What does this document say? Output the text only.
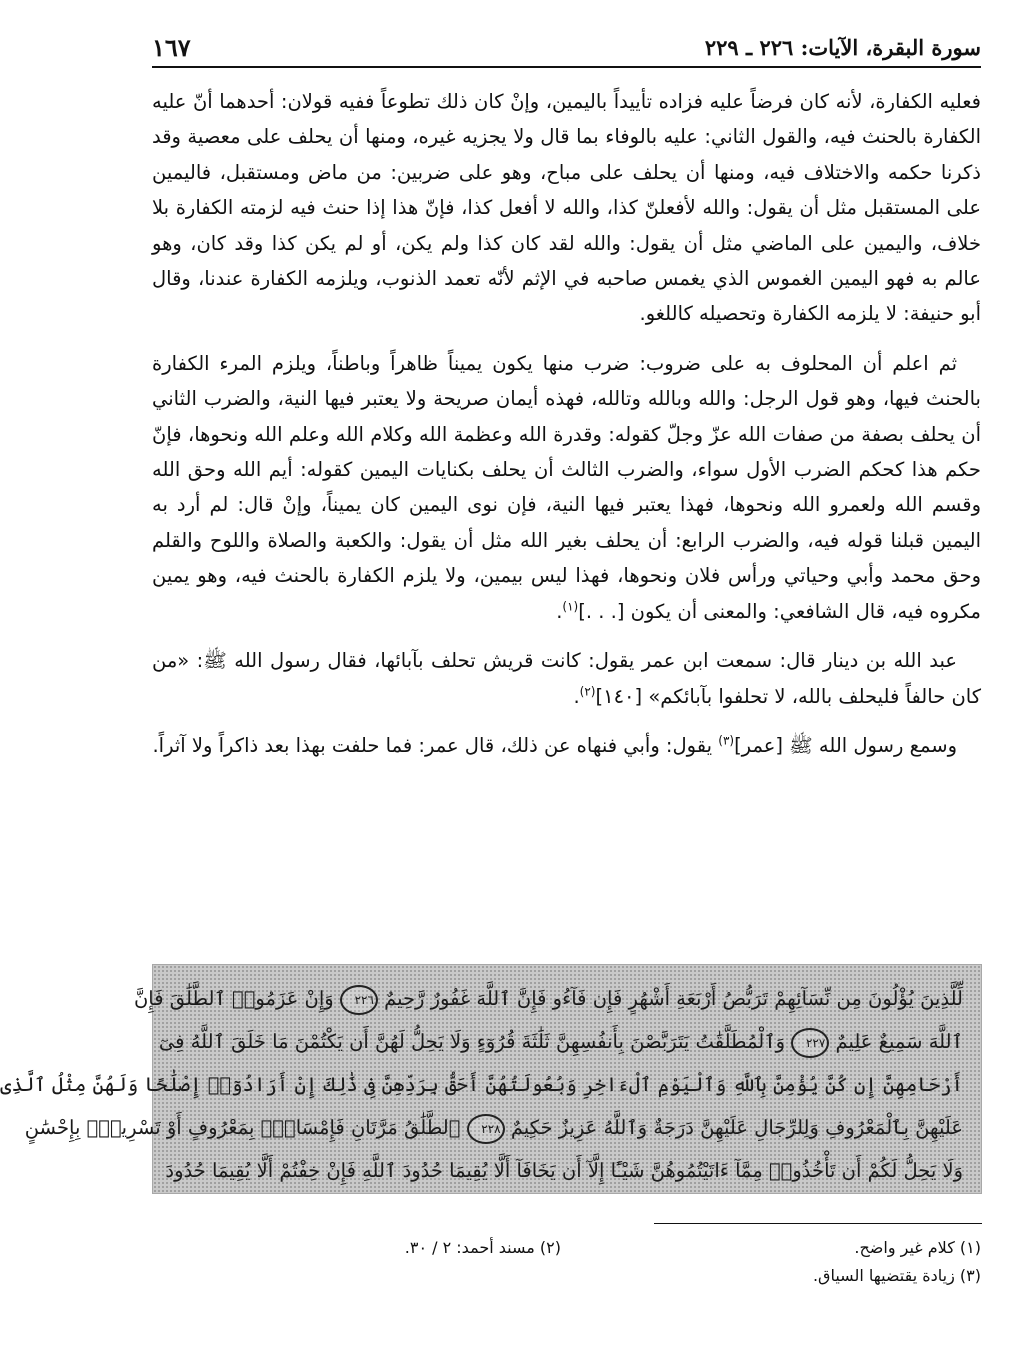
سورة البقرة، الآيات: ٢٢٦ ـ ٢٢٩
١٦٧

فعليه الكفارة، لأنه كان فرضاً عليه فزاده تأييداً باليمين، وإنْ كان ذلك تطوعاً ففيه قولان: أحدهما أنّ عليه الكفارة بالحنث فيه، والقول الثاني: عليه بالوفاء بما قال ولا يجزيه غيره، ومنها أن يحلف على معصية وقد ذكرنا حكمه والاختلاف فيه، ومنها أن يحلف على مباح، وهو على ضربين: من ماض ومستقبل، فاليمين على المستقبل مثل أن يقول: والله لأفعلنّ كذا، والله لا أفعل كذا، فإنّ هذا إذا حنث فيه لزمته الكفارة بلا خلاف، واليمين على الماضي مثل أن يقول: والله لقد كان كذا ولم يكن، أو لم يكن كذا وقد كان، وهو عالم به فهو اليمين الغموس الذي يغمس صاحبه في الإثم لأنّه تعمد الذنوب، ويلزمه الكفارة عندنا، وقال أبو حنيفة: لا يلزمه الكفارة وتحصيله كاللغو.

ثم اعلم أن المحلوف به على ضروب: ضرب منها يكون يميناً ظاهراً وباطناً، ويلزم المرء الكفارة بالحنث فيها، وهو قول الرجل: والله وبالله وتالله، فهذه أيمان صريحة ولا يعتبر فيها النية، والضرب الثاني أن يحلف بصفة من صفات الله عزّ وجلّ كقوله: وقدرة الله وعظمة الله وكلام الله وعلم الله ونحوها، فإنّ حكم هذا كحكم الضرب الأول سواء، والضرب الثالث أن يحلف بكنايات اليمين كقوله: أيم الله وحق الله وقسم الله ولعمرو الله ونحوها، فهذا يعتبر فيها النية، فإن نوى اليمين كان يميناً، وإنْ قال: لم أرد به اليمين قبلنا قوله فيه، والضرب الرابع: أن يحلف بغير الله مثل أن يقول: والكعبة والصلاة واللوح والقلم وحق محمد وأبي وحياتي ورأس فلان ونحوها، فهذا ليس بيمين، ولا يلزم الكفارة بالحنث فيه، وهو يمين مكروه فيه، قال الشافعي: والمعنى أن يكون [. . .]$^{(١)}$.

عبد الله بن دينار قال: سمعت ابن عمر يقول: كانت قريش تحلف بآبائها، فقال رسول الله ﷺ: «من كان حالفاً فليحلف بالله، لا تحلفوا بآبائكم» [١٤٠]$^{(٢)}$.

وسمع رسول الله ﷺ [عمر]$^{(٣)}$ يقول: وأبي فنهاه عن ذلك، قال عمر: فما حلفت بهذا بعد ذاكراً ولا آثراً.

لِّلَّذِينَ يُؤْلُونَ مِن نِّسَآئِهِمْ تَرَبُّصُ أَرْبَعَةِ أَشْهُرٍ فَإِن فَآءُو فَإِنَّ ٱللَّهَ غَفُورٌ رَّحِيمٌ ٢٢٦ وَإِنْ عَزَمُوا۟ ٱلطَّلَٰقَ فَإِنَّ
ٱللَّهَ سَمِيعٌ عَلِيمٌ ٢٢٧ وَٱلْمُطَلَّقَٰتُ يَتَرَبَّصْنَ بِأَنفُسِهِنَّ ثَلَٰثَةَ قُرُوٓءٍ وَلَا يَحِلُّ لَهُنَّ أَن يَكْتُمْنَ مَا خَلَقَ ٱللَّهُ فِىٓ
أَرْحَامِهِنَّ إِن كُنَّ يُؤْمِنَّ بِٱللَّهِ وَٱلْيَوْمِ ٱلْءَاخِرِ وَبُعُولَتُهُنَّ أَحَقُّ بِرَدِّهِنَّ فِى ذَٰلِكَ إِنْ أَرَادُوٓا۟ إِصْلَٰحًا وَلَهُنَّ مِثْلُ ٱلَّذِى
عَلَيْهِنَّ بِٱلْمَعْرُوفِ وَلِلرِّجَالِ عَلَيْهِنَّ دَرَجَةٌ وَٱللَّهُ عَزِيزٌ حَكِيمٌ ٢٢٨ ٱلطَّلَٰقُ مَرَّتَانِ فَإِمْسَاكٌۢ بِمَعْرُوفٍ أَوْ تَسْرِيحٌۢ بِإِحْسَٰنٍ
وَلَا يَحِلُّ لَكُمْ أَن تَأْخُذُوا۟ مِمَّآ ءَاتَيْتُمُوهُنَّ شَيْـًٔا إِلَّآ أَن يَخَافَآ أَلَّا يُقِيمَا حُدُودَ ٱللَّهِ فَإِنْ خِفْتُمْ أَلَّا يُقِيمَا حُدُودَ
(١) كلام غير واضح.
(٢) مسند أحمد: ٢ / ٣٠.
(٣) زيادة يقتضيها السياق.
